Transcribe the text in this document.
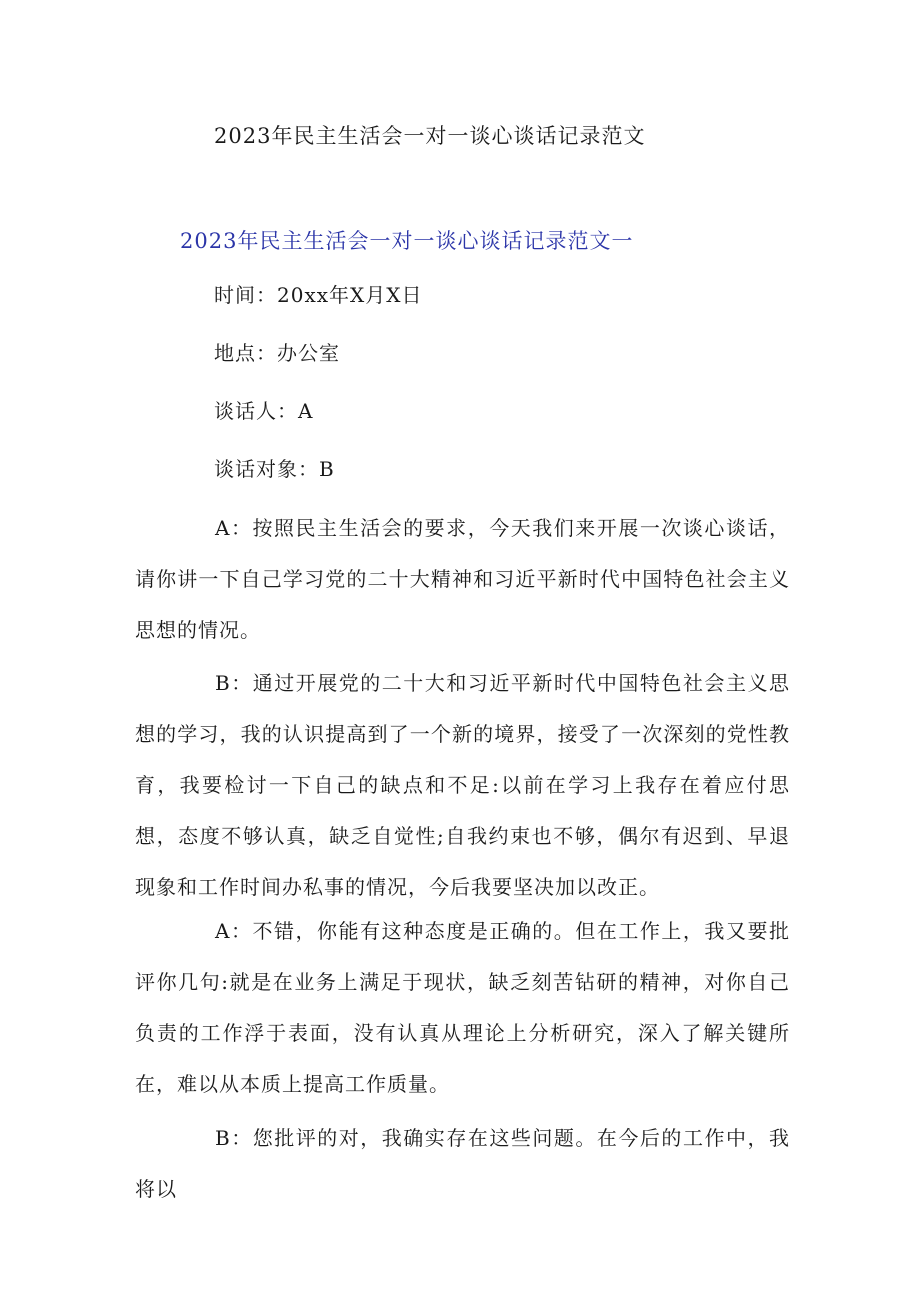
2023年民主生活会一对一谈心谈话记录范文
2023年民主生活会一对一谈心谈话记录范文一
时间：20xx年X月X日
地点：办公室
谈话人：A
谈话对象：B

A：按照民主生活会的要求，今天我们来开展一次谈心谈话，请你讲一下自己学习党的二十大精神和习近平新时代中国特色社会主义思想的情况。

B：通过开展党的二十大和习近平新时代中国特色社会主义思想的学习，我的认识提高到了一个新的境界，接受了一次深刻的党性教育，我要检讨一下自己的缺点和不足:以前在学习上我存在着应付思想，态度不够认真，缺乏自觉性;自我约束也不够，偶尔有迟到、早退现象和工作时间办私事的情况，今后我要坚决加以改正。

A：不错，你能有这种态度是正确的。但在工作上，我又要批评你几句:就是在业务上满足于现状，缺乏刻苦钻研的精神，对你自己负责的工作浮于表面，没有认真从理论上分析研究，深入了解关键所在，难以从本质上提高工作质量。

B：您批评的对，我确实存在这些问题。在今后的工作中，我将以
